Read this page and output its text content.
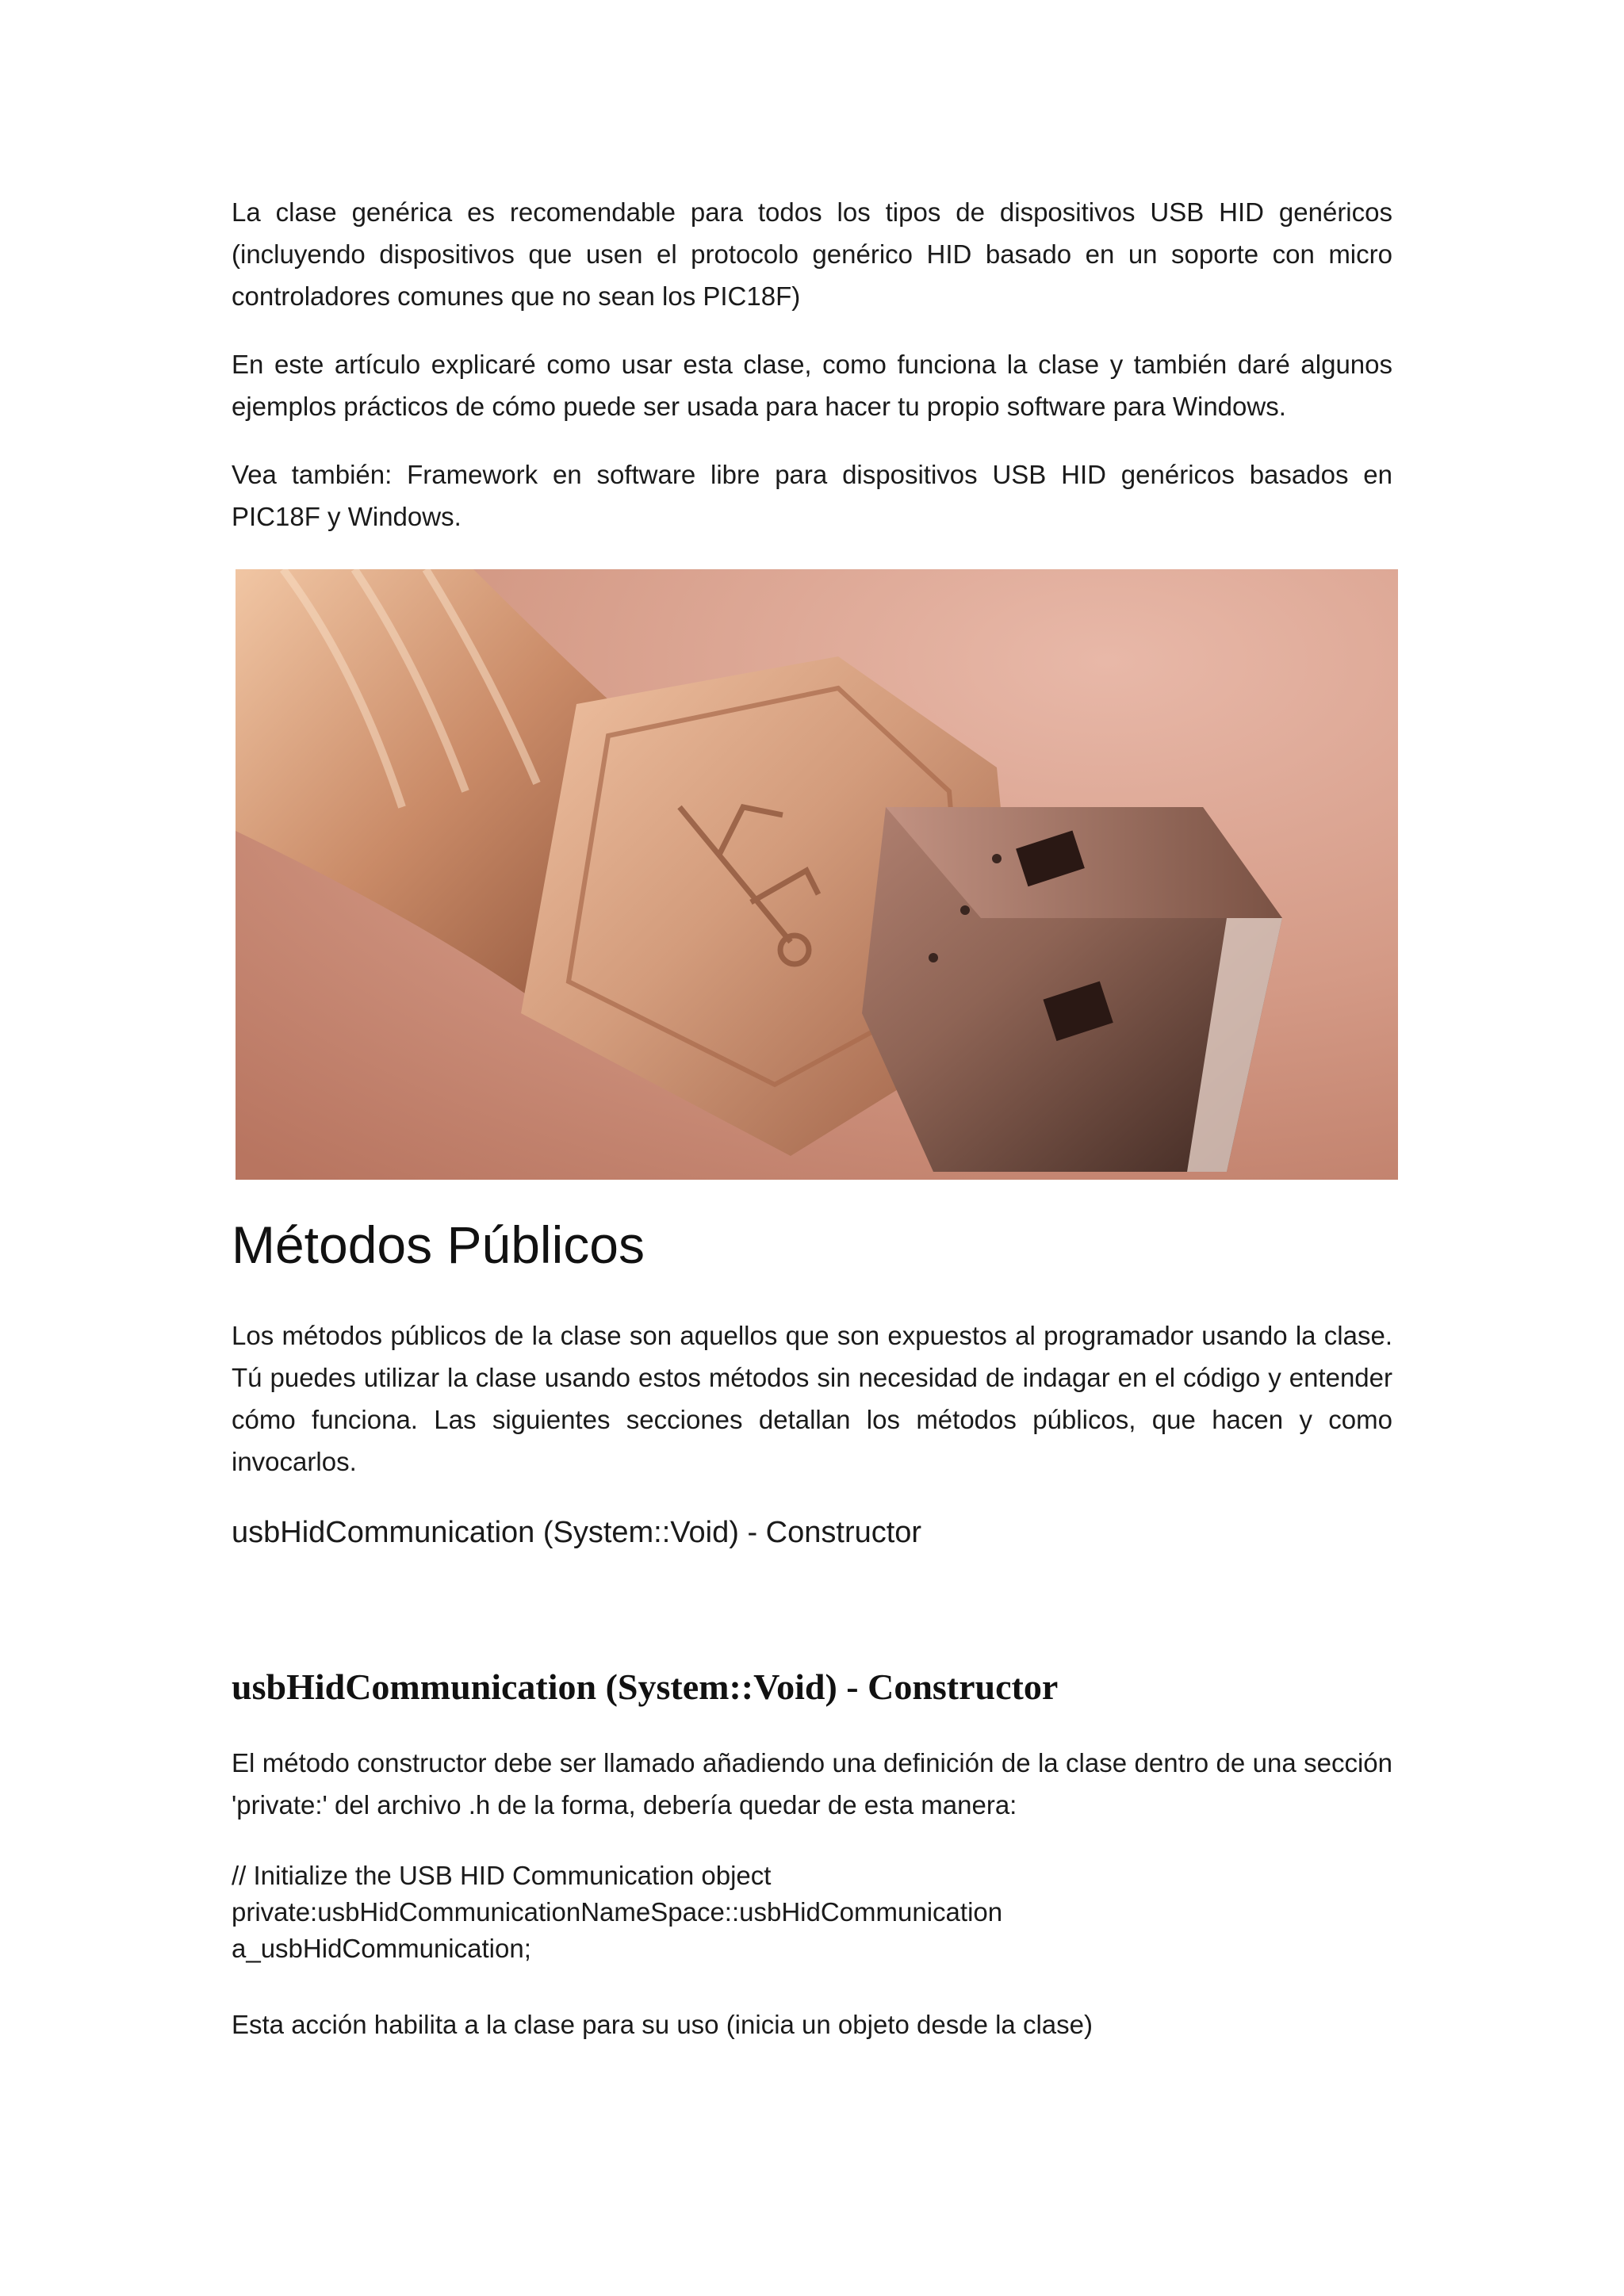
La clase genérica es recomendable para todos los tipos de dispositivos USB HID genéricos (incluyendo dispositivos que usen el protocolo genérico HID basado en un soporte con micro controladores comunes que no sean los PIC18F)

En este artículo explicaré como usar esta clase, como funciona la clase y también daré algunos ejemplos prácticos de cómo puede ser usada para hacer tu propio software para Windows.

Vea también: Framework en software libre para dispositivos USB HID genéricos basados en PIC18F y Windows.

Métodos Públicos

Los métodos públicos de la clase son aquellos que son expuestos al programador usando la clase. Tú puedes utilizar la clase usando estos métodos sin necesidad de indagar en el código y entender cómo funciona. Las siguientes secciones detallan los métodos públicos, que hacen y como invocarlos.

usbHidCommunication (System::Void) - Constructor

usbHidCommunication (System::Void) - Constructor

El método constructor debe ser llamado añadiendo una definición de la clase dentro de una sección 'private:' del archivo .h de la forma, debería quedar de esta manera:

// Initialize the USB HID Communication object
private:usbHidCommunicationNameSpace::usbHidCommunication
a_usbHidCommunication;

Esta acción habilita a la clase para su uso (inicia un objeto desde la clase)
